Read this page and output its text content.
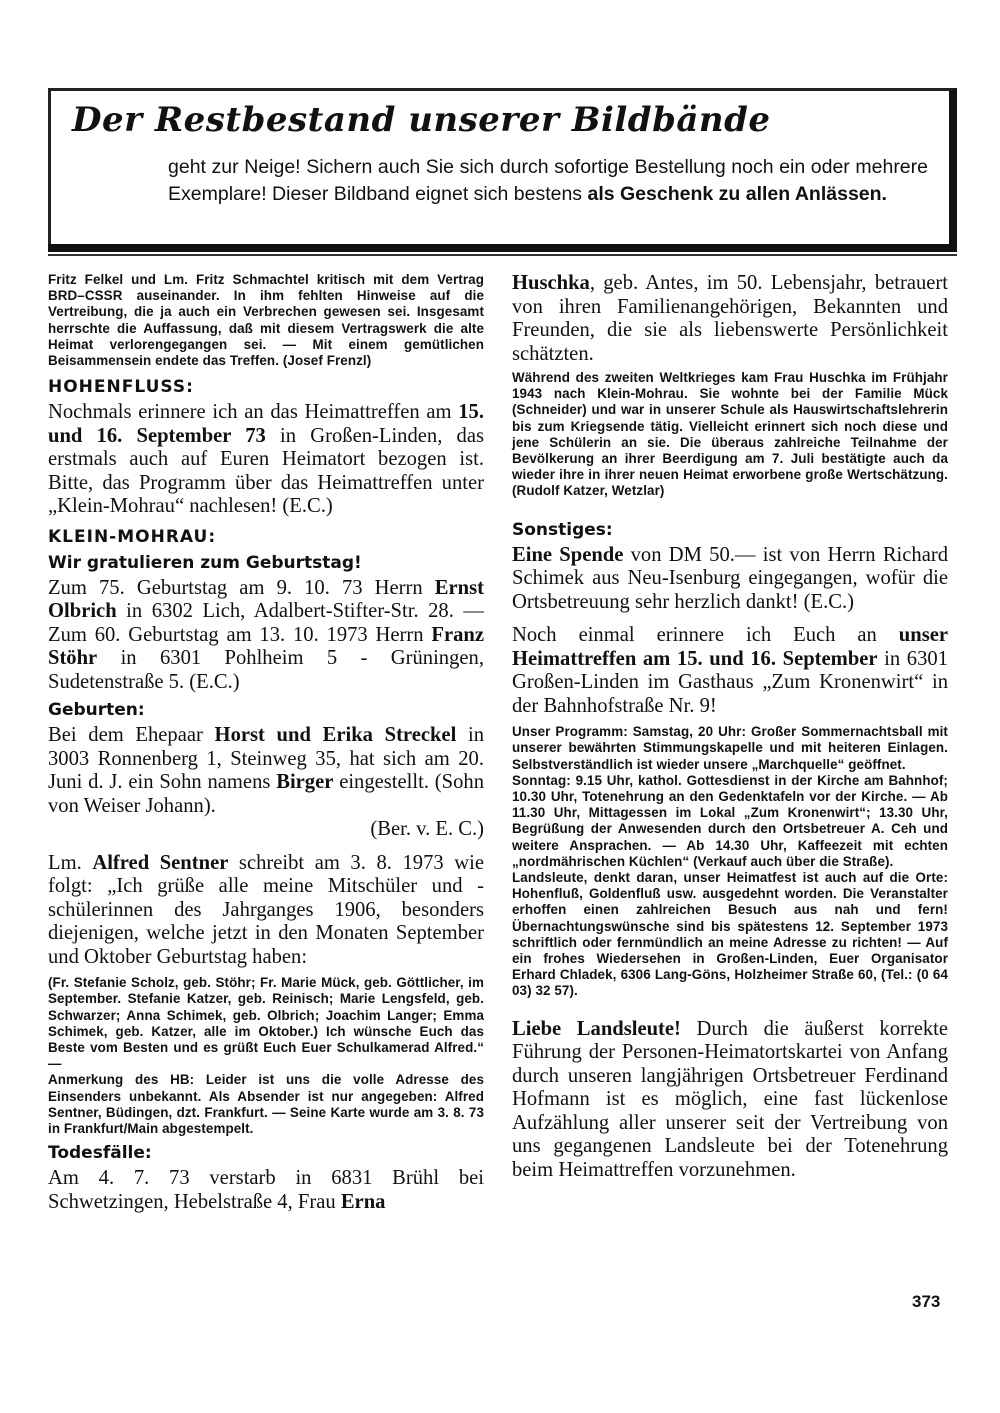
Der Restbestand unserer Bildbände

geht zur Neige! Sichern auch Sie sich durch sofortige Bestellung noch ein oder mehrere Exemplare! Dieser Bildband eignet sich bestens als Geschenk zu allen Anlässen.

Fritz Felkel und Lm. Fritz Schmachtel kritisch mit dem Vertrag BRD–CSSR auseinander. In ihm fehlten Hinweise auf die Vertreibung, die ja auch ein Verbrechen gewesen sei. Insgesamt herrschte die Auffassung, daß mit diesem Vertragswerk die alte Heimat verlorengegangen sei. — Mit einem gemütlichen Beisammensein endete das Treffen. (Josef Frenzl)

HOHENFLUSS:

Nochmals erinnere ich an das Heimattreffen am 15. und 16. September 73 in Großen-Linden, das erstmals auch auf Euren Heimatort bezogen ist. Bitte, das Programm über das Heimattreffen unter „Klein-Mohrau“ nachlesen! (E.C.)

KLEIN-MOHRAU:
Wir gratulieren zum Geburtstag!

Zum 75. Geburtstag am 9. 10. 73 Herrn Ernst Olbrich in 6302 Lich, Adalbert-Stifter-Str. 28. — Zum 60. Geburtstag am 13. 10. 1973 Herrn Franz Stöhr in 6301 Pohlheim 5 - Grüningen, Sudetenstraße 5. (E.C.)

Geburten:

Bei dem Ehepaar Horst und Erika Streckel in 3003 Ronnenberg 1, Steinweg 35, hat sich am 20. Juni d. J. ein Sohn namens Birger eingestellt. (Sohn von Weiser Johann).

(Ber. v. E. C.)

Lm. Alfred Sentner schreibt am 3. 8. 1973 wie folgt: „Ich grüße alle meine Mitschüler und -schülerinnen des Jahrganges 1906, besonders diejenigen, welche jetzt in den Monaten September und Oktober Geburtstag haben:

(Fr. Stefanie Scholz, geb. Stöhr; Fr. Marie Mück, geb. Göttlicher, im September. Stefanie Katzer, geb. Reinisch; Marie Lengsfeld, geb. Schwarzer; Anna Schimek, geb. Olbrich; Joachim Langer; Emma Schimek, geb. Katzer, alle im Oktober.) Ich wünsche Euch das Beste vom Besten und es grüßt Euch Euer Schulkamerad Alfred.“ —

Anmerkung des HB: Leider ist uns die volle Adresse des Einsenders unbekannt. Als Absender ist nur angegeben: Alfred Sentner, Büdingen, dzt. Frankfurt. — Seine Karte wurde am 3. 8. 73 in Frankfurt/Main abgestempelt.

Todesfälle:

Am 4. 7. 73 verstarb in 6831 Brühl bei Schwetzingen, Hebelstraße 4, Frau Erna

Huschka, geb. Antes, im 50. Lebensjahr, betrauert von ihren Familienangehörigen, Bekannten und Freunden, die sie als liebenswerte Persönlichkeit schätzten.

Während des zweiten Weltkrieges kam Frau Huschka im Frühjahr 1943 nach Klein-Mohrau. Sie wohnte bei der Familie Mück (Schneider) und war in unserer Schule als Hauswirtschaftslehrerin bis zum Kriegsende tätig. Vielleicht erinnert sich noch diese und jene Schülerin an sie. Die überaus zahlreiche Teilnahme der Bevölkerung an ihrer Beerdigung am 7. Juli bestätigte auch da wieder ihre in ihrer neuen Heimat erworbene große Wertschätzung. (Rudolf Katzer, Wetzlar)

Sonstiges:

Eine Spende von DM 50.— ist von Herrn Richard Schimek aus Neu-Isenburg eingegangen, wofür die Ortsbetreuung sehr herzlich dankt! (E.C.)

Noch einmal erinnere ich Euch an unser Heimattreffen am 15. und 16. September in 6301 Großen-Linden im Gasthaus „Zum Kronenwirt“ in der Bahnhofstraße Nr. 9!

Unser Programm: Samstag, 20 Uhr: Großer Sommernachtsball mit unserer bewährten Stimmungskapelle und mit heiteren Einlagen. Selbstverständlich ist wieder unsere „Marchquelle“ geöffnet.

Sonntag: 9.15 Uhr, kathol. Gottesdienst in der Kirche am Bahnhof; 10.30 Uhr, Totenehrung an den Gedenktafeln vor der Kirche. — Ab 11.30 Uhr, Mittagessen im Lokal „Zum Kronenwirt“; 13.30 Uhr, Begrüßung der Anwesenden durch den Ortsbetreuer A. Ceh und weitere Ansprachen. — Ab 14.30 Uhr, Kaffeezeit mit echten „nordmährischen Küchlen“ (Verkauf auch über die Straße).

Landsleute, denkt daran, unser Heimatfest ist auch auf die Orte: Hohenfluß, Goldenfluß usw. ausgedehnt worden. Die Veranstalter erhoffen einen zahlreichen Besuch aus nah und fern! Übernachtungswünsche sind bis spätestens 12. September 1973 schriftlich oder fernmündlich an meine Adresse zu richten! — Auf ein frohes Wiedersehen in Großen-Linden, Euer Organisator Erhard Chladek, 6306 Lang-Göns, Holzheimer Straße 60, (Tel.: (0 64 03) 32 57).

Liebe Landsleute! Durch die äußerst korrekte Führung der Personen-Heimatortskartei von Anfang durch unseren langjährigen Ortsbetreuer Ferdinand Hofmann ist es möglich, eine fast lückenlose Aufzählung aller unserer seit der Vertreibung von uns gegangenen Landsleute bei der Totenehrung beim Heimattreffen vorzunehmen.

373
